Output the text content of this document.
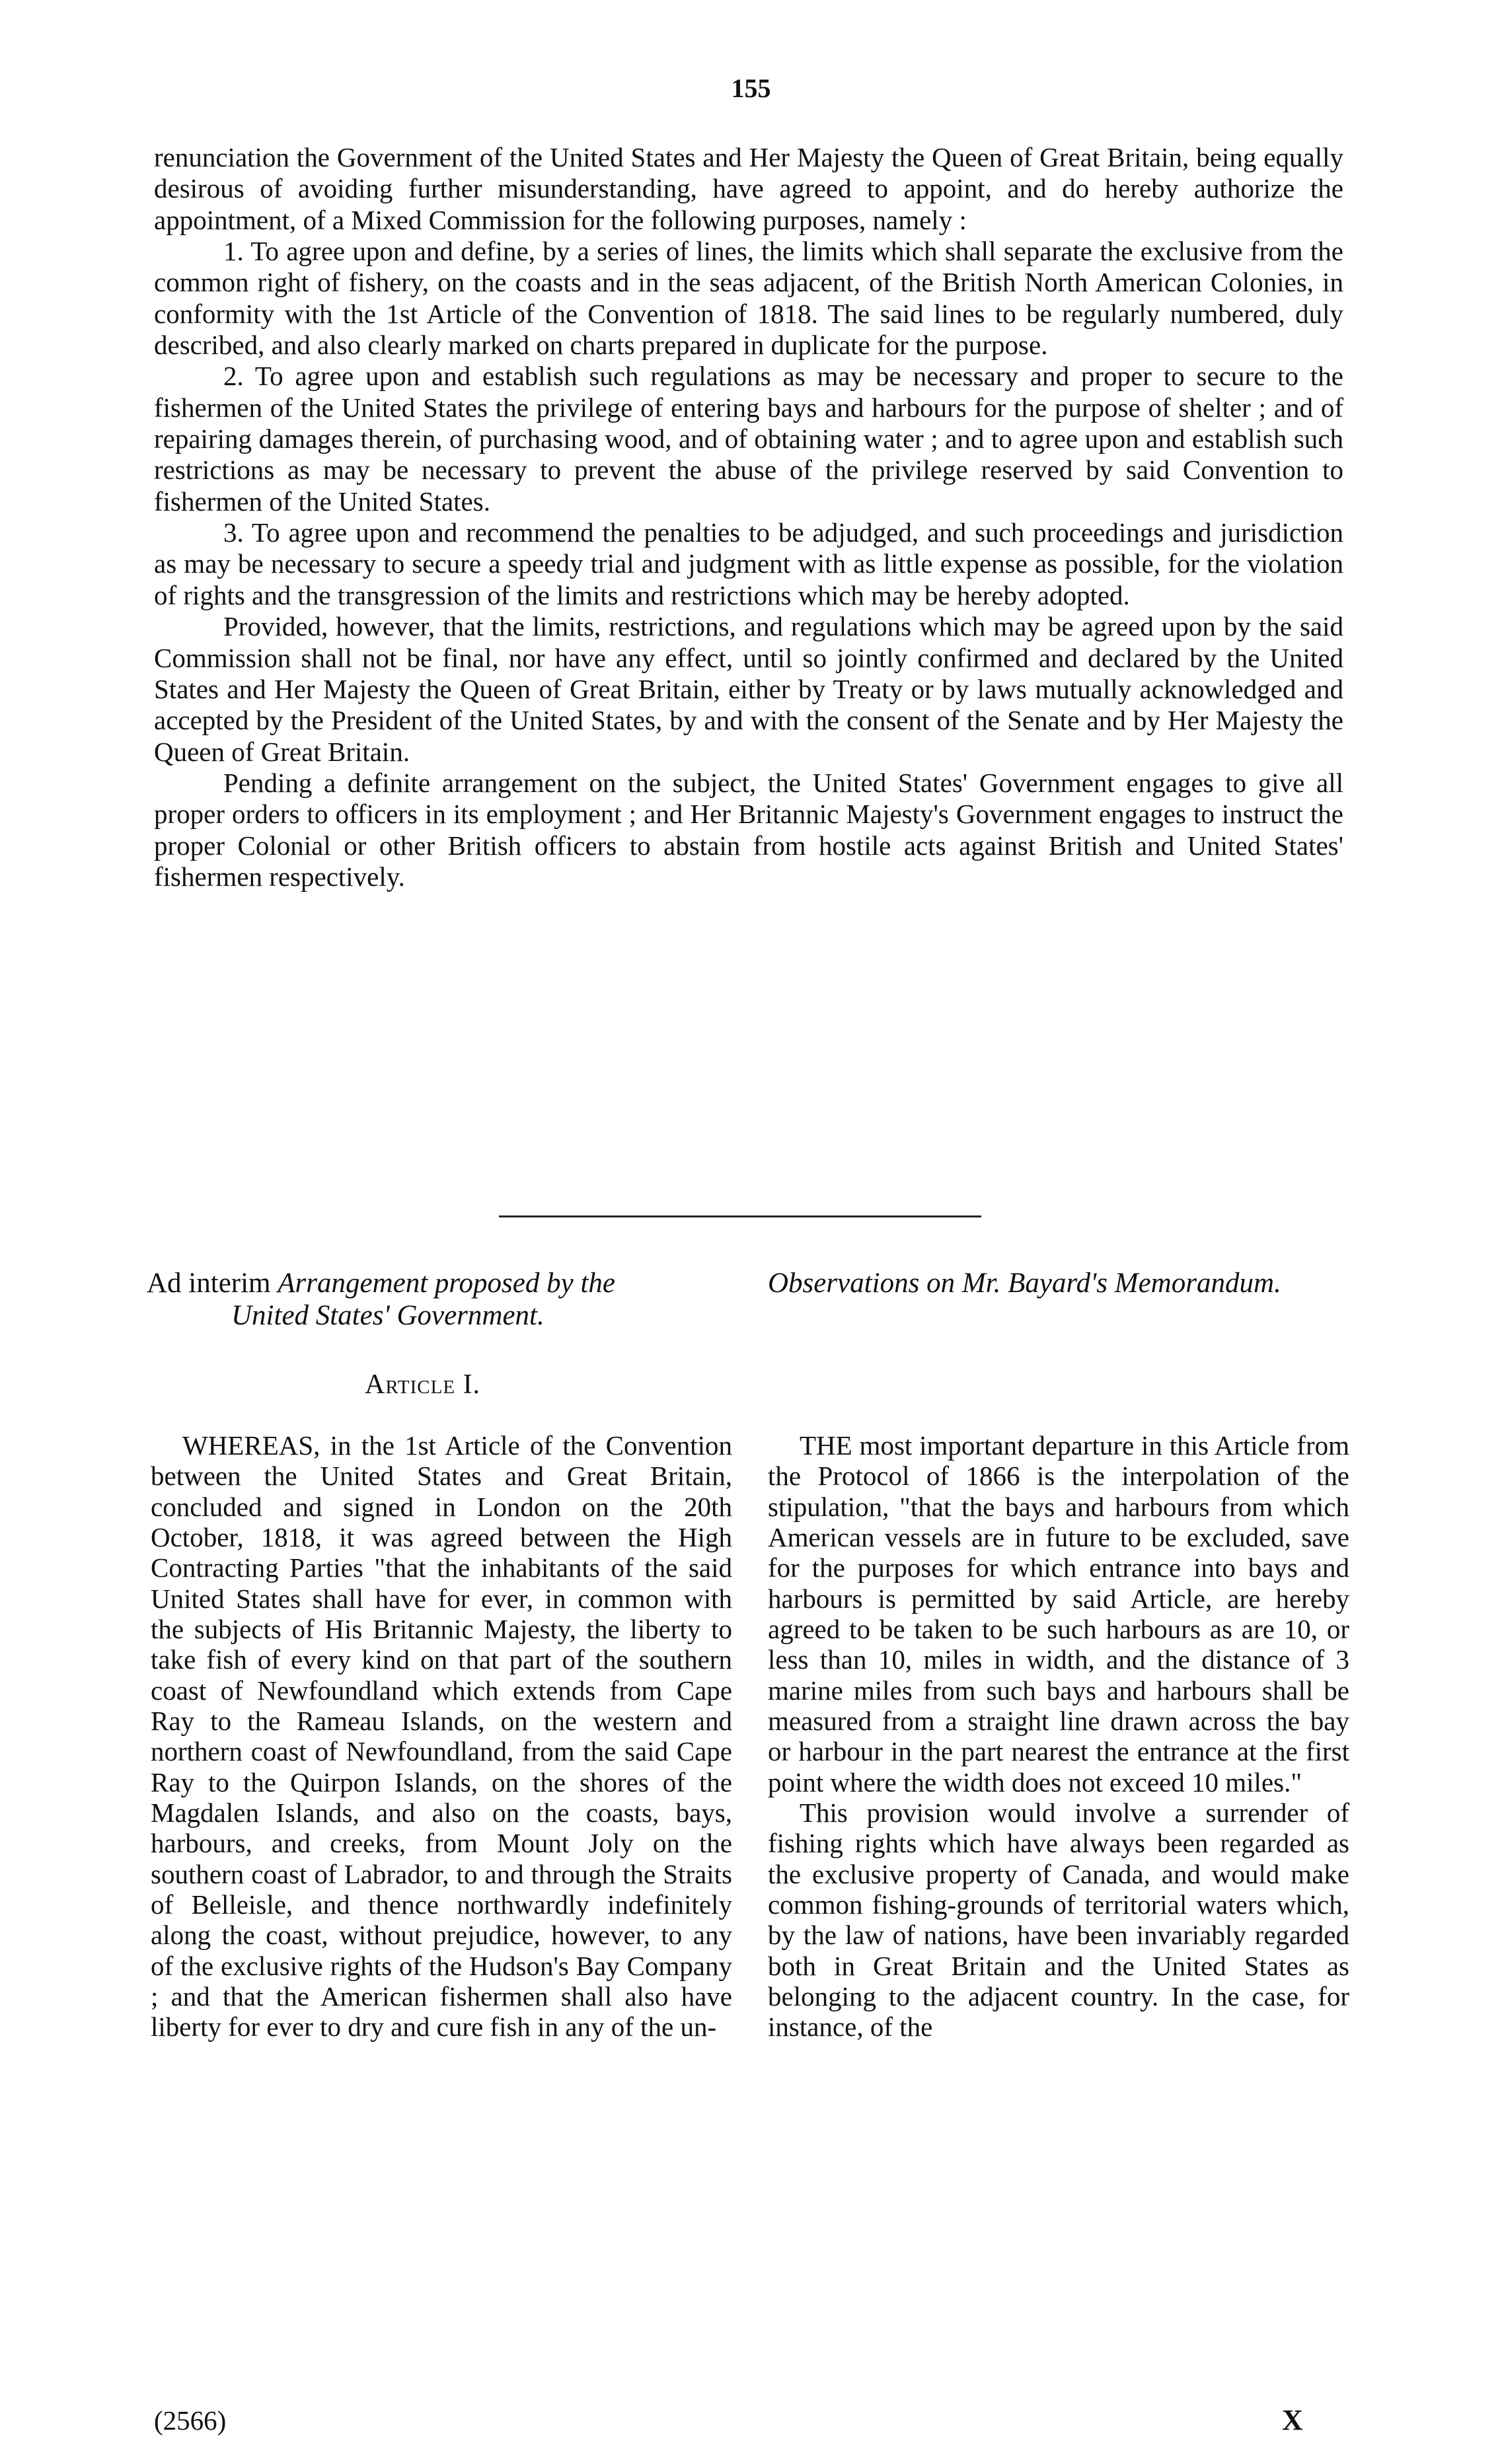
155

renunciation the Government of the United States and Her Majesty the Queen of Great Britain, being equally desirous of avoiding further misunderstanding, have agreed to appoint, and do hereby authorize the appointment, of a Mixed Commission for the following purposes, namely :

1. To agree upon and define, by a series of lines, the limits which shall separate the exclusive from the common right of fishery, on the coasts and in the seas adjacent, of the British North American Colonies, in conformity with the 1st Article of the Convention of 1818. The said lines to be regularly numbered, duly described, and also clearly marked on charts prepared in duplicate for the purpose.

2. To agree upon and establish such regulations as may be necessary and proper to secure to the fishermen of the United States the privilege of entering bays and harbours for the purpose of shelter ; and of repairing damages therein, of purchasing wood, and of obtaining water ; and to agree upon and establish such restrictions as may be necessary to prevent the abuse of the privilege reserved by said Convention to fishermen of the United States.

3. To agree upon and recommend the penalties to be adjudged, and such proceedings and jurisdiction as may be necessary to secure a speedy trial and judgment with as little expense as possible, for the violation of rights and the transgression of the limits and restrictions which may be hereby adopted.

Provided, however, that the limits, restrictions, and regulations which may be agreed upon by the said Commission shall not be final, nor have any effect, until so jointly confirmed and declared by the United States and Her Majesty the Queen of Great Britain, either by Treaty or by laws mutually acknowledged and accepted by the President of the United States, by and with the consent of the Senate and by Her Majesty the Queen of Great Britain.

Pending a definite arrangement on the subject, the United States' Government engages to give all proper orders to officers in its employment ; and Her Britannic Majesty's Government engages to instruct the proper Colonial or other British officers to abstain from hostile acts against British and United States' fishermen respectively.

Ad interim Arrangement proposed by the
United States' Government.
Observations on Mr. Bayard's Memorandum.
Article I.

WHEREAS, in the 1st Article of the Convention between the United States and Great Britain, concluded and signed in London on the 20th October, 1818, it was agreed between the High Contracting Parties "that the inhabitants of the said United States shall have for ever, in common with the subjects of His Britannic Majesty, the liberty to take fish of every kind on that part of the southern coast of Newfoundland which extends from Cape Ray to the Rameau Islands, on the western and northern coast of Newfoundland, from the said Cape Ray to the Quirpon Islands, on the shores of the Magdalen Islands, and also on the coasts, bays, harbours, and creeks, from Mount Joly on the southern coast of Labrador, to and through the Straits of Belleisle, and thence northwardly indefinitely along the coast, without prejudice, however, to any of the exclusive rights of the Hudson's Bay Company ; and that the American fishermen shall also have liberty for ever to dry and cure fish in any of the un-

THE most important departure in this Article from the Protocol of 1866 is the interpolation of the stipulation, "that the bays and harbours from which American vessels are in future to be excluded, save for the purposes for which entrance into bays and harbours is permitted by said Article, are hereby agreed to be taken to be such harbours as are 10, or less than 10, miles in width, and the distance of 3 marine miles from such bays and harbours shall be measured from a straight line drawn across the bay or harbour in the part nearest the entrance at the first point where the width does not exceed 10 miles."

This provision would involve a surrender of fishing rights which have always been regarded as the exclusive property of Canada, and would make common fishing-grounds of territorial waters which, by the law of nations, have been invariably regarded both in Great Britain and the United States as belonging to the adjacent country. In the case, for instance, of the

(2566)	X
